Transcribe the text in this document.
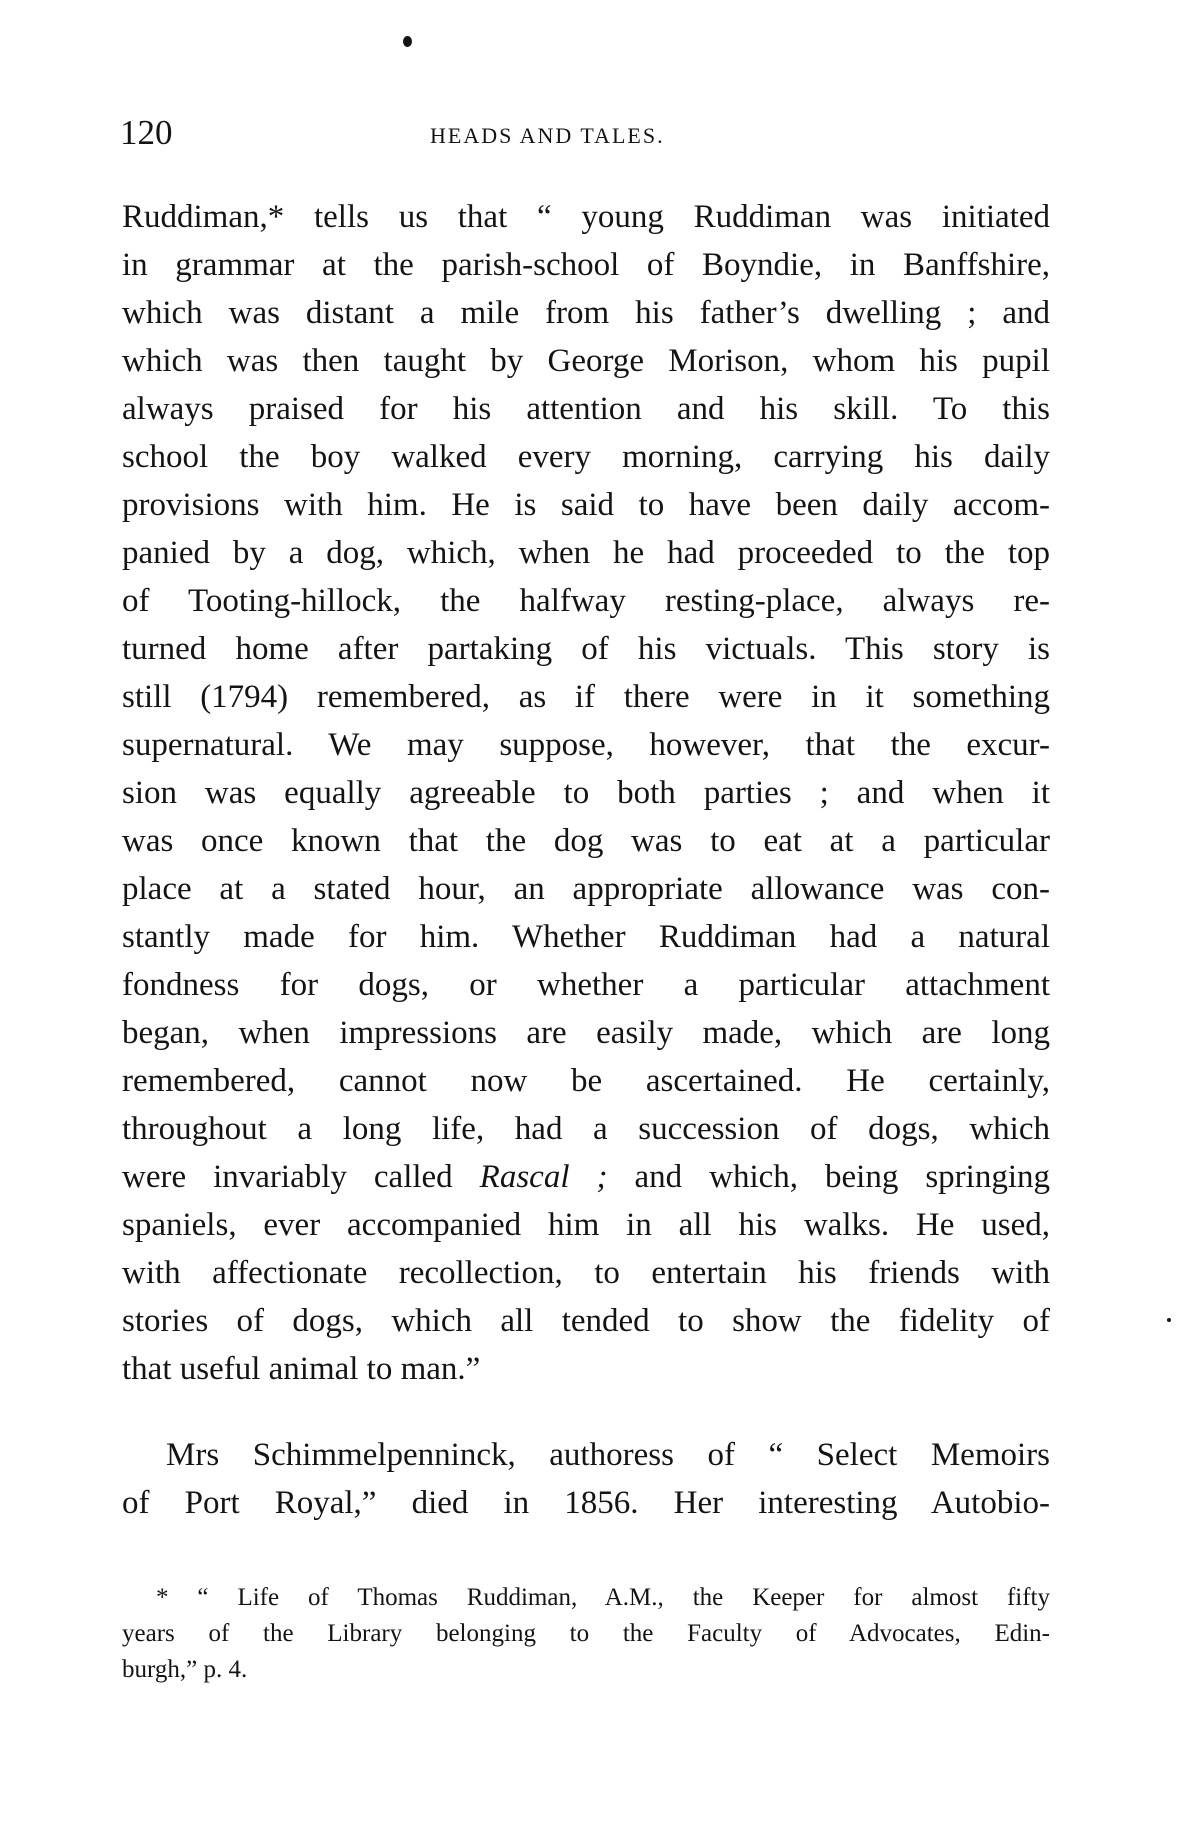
120	HEADS AND TALES.

Ruddiman,* tells us that “ young Ruddiman was initiated
in grammar at the parish-school of Boyndie, in Banffshire,
which was distant a mile from his father’s dwelling ; and
which was then taught by George Morison, whom his pupil
always praised for his attention and his skill. To this
school the boy walked every morning, carrying his daily
provisions with him. He is said to have been daily accom-
panied by a dog, which, when he had proceeded to the top
of Tooting-hillock, the halfway resting-place, always re-
turned home after partaking of his victuals. This story is
still (1794) remembered, as if there were in it something
supernatural. We may suppose, however, that the excur-
sion was equally agreeable to both parties ; and when it
was once known that the dog was to eat at a particular
place at a stated hour, an appropriate allowance was con-
stantly made for him. Whether Ruddiman had a natural
fondness for dogs, or whether a particular attachment
began, when impressions are easily made, which are long
remembered, cannot now be ascertained. He certainly,
throughout a long life, had a succession of dogs, which
were invariably called Rascal ; and which, being springing
spaniels, ever accompanied him in all his walks. He used,
with affectionate recollection, to entertain his friends with
stories of dogs, which all tended to show the fidelity of
that useful animal to man.”

Mrs Schimmelpenninck, authoress of “ Select Memoirs
of Port Royal,” died in 1856. Her interesting Autobio-

* “ Life of Thomas Ruddiman, A.M., the Keeper for almost fifty
years of the Library belonging to the Faculty of Advocates, Edin-
burgh,” p. 4.
